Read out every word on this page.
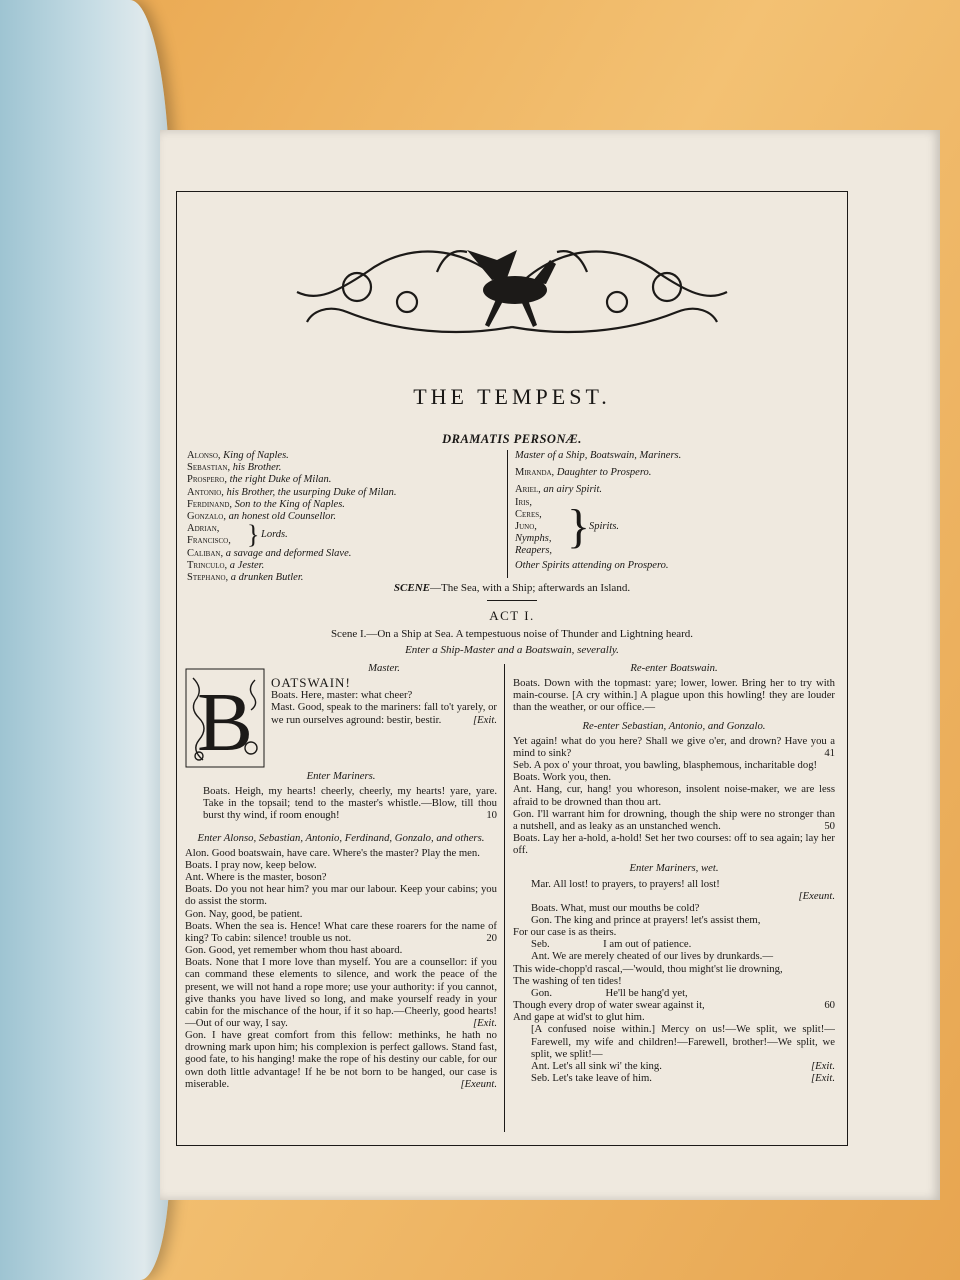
THE TEMPEST.
DRAMATIS PERSONÆ.
Alonso, King of Naples.
Sebastian, his Brother.
Prospero, the right Duke of Milan.
Antonio, his Brother, the usurping Duke of Milan.
Ferdinand, Son to the King of Naples.
Gonzalo, an honest old Counsellor.
Adrian,
Francisco, } Lords.
Caliban, a savage and deformed Slave.
Trinculo, a Jester.
Stephano, a drunken Butler.
Master of a Ship, Boatswain, Mariners.
Miranda, Daughter to Prospero.
Ariel, an airy Spirit.
Iris,
Ceres,
Juno,
Nymphs,
Reapers, }
Spirits.
Other Spirits attending on Prospero.
SCENE—The Sea, with a Ship; afterwards an Island.
ACT I.
Scene I.—On a Ship at Sea. A tempestuous noise of Thunder and Lightning heard.
Enter a Ship-Master and a Boatswain, severally.
B
Master.
OATSWAIN!

Boats. Here, master: what cheer?

Mast. Good, speak to the mariners: fall to't yarely, or we run ourselves aground: bestir, bestir.	[Exit.

Enter Mariners.

Boats. Heigh, my hearts! cheerly, cheerly, my hearts! yare, yare. Take in the topsail; tend to the master's whistle.—Blow, till thou burst thy wind, if room enough!	10

Enter Alonso, Sebastian, Antonio, Ferdinand, Gonzalo, and others.

Alon. Good boatswain, have care. Where's the master? Play the men.

Boats. I pray now, keep below.

Ant. Where is the master, boson?

Boats. Do you not hear him? you mar our labour. Keep your cabins; you do assist the storm.

Gon. Nay, good, be patient.

Boats. When the sea is. Hence! What care these roarers for the name of king? To cabin: silence! trouble us not.	20

Gon. Good, yet remember whom thou hast aboard.

Boats. None that I more love than myself. You are a counsellor: if you can command these elements to silence, and work the peace of the present, we will not hand a rope more; use your authority: if you cannot, give thanks you have lived so long, and make yourself ready in your cabin for the mischance of the hour, if it so hap.—Cheerly, good hearts!—Out of our way, I say.	[Exit.

Gon. I have great comfort from this fellow: methinks, he hath no drowning mark upon him; his complexion is perfect gallows. Stand fast, good fate, to his hanging! make the rope of his destiny our cable, for our own doth little advantage! If he be not born to be hanged, our case is miserable.	[Exeunt.

Re-enter Boatswain.

Boats. Down with the topmast: yare; lower, lower. Bring her to try with main-course. [A cry within.] A plague upon this howling! they are louder than the weather, or our office.—

Re-enter Sebastian, Antonio, and Gonzalo.

Yet again! what do you here? Shall we give o'er, and drown? Have you a mind to sink?	41

Seb. A pox o' your throat, you bawling, blasphemous, incharitable dog!

Boats. Work you, then.

Ant. Hang, cur, hang! you whoreson, insolent noise-maker, we are less afraid to be drowned than thou art.

Gon. I'll warrant him for drowning, though the ship were no stronger than a nutshell, and as leaky as an unstanched wench.	50

Boats. Lay her a-hold, a-hold! Set her two courses: off to sea again; lay her off.

Enter Mariners, wet.

Mar. All lost! to prayers, to prayers! all lost!

[Exeunt.

Boats. What, must our mouths be cold?

Gon. The king and prince at prayers! let's assist them,

For our case is as theirs.

Seb.                    I am out of patience.

Ant. We are merely cheated of our lives by drunkards.—

This wide-chopp'd rascal,—'would, thou might'st lie drowning,

The washing of ten tides!

Gon.                    He'll be hang'd yet,

Though every drop of water swear against it,	60

And gape at wid'st to glut him.

[A confused noise within.] Mercy on us!—We split, we split!—Farewell, my wife and children!—Farewell, brother!—We split, we split, we split!—

Ant. Let's all sink wi' the king.	[Exit.

Seb. Let's take leave of him.	[Exit.
